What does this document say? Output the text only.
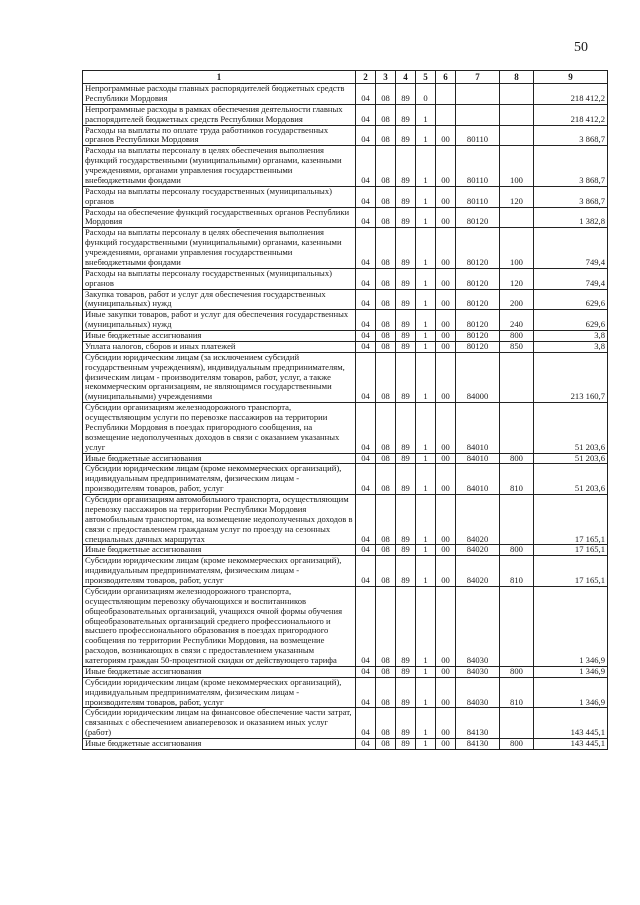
50
1	2	3	4	5	6	7	8	9
Непрограммные расходы главных распорядителей бюджетных средств Республики Мордовия	04	08	89	0				218 412,2
Непрограммные расходы в рамках обеспечения деятельности главных распорядителей бюджетных средств Республики Мордовия	04	08	89	1				218 412,2
Расходы на выплаты по оплате труда работников государственных органов Республики Мордовия	04	08	89	1	00	80110		3 868,7
Расходы на выплаты персоналу в целях обеспечения выполнения функций государственными (муниципальными) органами, казенными учреждениями, органами управления государственными внебюджетными фондами	04	08	89	1	00	80110	100	3 868,7
Расходы на выплаты персоналу государственных (муниципальных) органов	04	08	89	1	00	80110	120	3 868,7
Расходы на обеспечение функций государственных органов Республики Мордовия	04	08	89	1	00	80120		1 382,8
Расходы на выплаты персоналу в целях обеспечения выполнения функций государственными (муниципальными) органами, казенными учреждениями, органами управления государственными внебюджетными фондами	04	08	89	1	00	80120	100	749,4
Расходы на выплаты персоналу государственных (муниципальных) органов	04	08	89	1	00	80120	120	749,4
Закупка товаров, работ и услуг для обеспечения государственных (муниципальных) нужд	04	08	89	1	00	80120	200	629,6
Иные закупки товаров, работ и услуг для обеспечения государственных (муниципальных) нужд	04	08	89	1	00	80120	240	629,6
Иные бюджетные ассигнования	04	08	89	1	00	80120	800	3,8
Уплата налогов, сборов и иных платежей	04	08	89	1	00	80120	850	3,8
Субсидии юридическим лицам (за исключением субсидий государственным учреждениям), индивидуальным предпринимателям, физическим лицам - производителям товаров, работ, услуг, а также некоммерческим организациям, не являющимся государственными (муниципальными) учреждениями	04	08	89	1	00	84000		213 160,7
Субсидии организациям железнодорожного транспорта, осуществляющим услуги по перевозке пассажиров на территории Республики Мордовия в поездах пригородного сообщения, на возмещение недополученных доходов в связи с оказанием указанных услуг	04	08	89	1	00	84010		51 203,6
Иные бюджетные ассигнования	04	08	89	1	00	84010	800	51 203,6
Субсидии юридическим лицам (кроме некоммерческих организаций), индивидуальным предпринимателям, физическим лицам - производителям товаров, работ, услуг	04	08	89	1	00	84010	810	51 203,6
Субсидии организациям автомобильного транспорта, осуществляющим перевозку пассажиров на территории Республики Мордовия автомобильным транспортом, на возмещение недополученных доходов в связи с предоставлением гражданам услуг по проезду на сезонных специальных дачных маршрутах	04	08	89	1	00	84020		17 165,1
Иные бюджетные ассигнования	04	08	89	1	00	84020	800	17 165,1
Субсидии юридическим лицам (кроме некоммерческих организаций), индивидуальным предпринимателям, физическим лицам - производителям товаров, работ, услуг	04	08	89	1	00	84020	810	17 165,1
Субсидии организациям железнодорожного транспорта, осуществляющим перевозку обучающихся и воспитанников общеобразовательных организаций, учащихся очной формы обучения общеобразовательных организаций среднего профессионального и высшего профессионального образования в поездах пригородного сообщения по территории Республики Мордовия, на возмещение расходов, возникающих в связи с предоставлением указанным категориям граждан 50-процентной скидки от действующего тарифа	04	08	89	1	00	84030		1 346,9
Иные бюджетные ассигнования	04	08	89	1	00	84030	800	1 346,9
Субсидии юридическим лицам (кроме некоммерческих организаций), индивидуальным предпринимателям, физическим лицам - производителям товаров, работ, услуг	04	08	89	1	00	84030	810	1 346,9
Субсидии юридическим лицам на финансовое обеспечение части затрат, связанных с обеспечением авиаперевозок и оказанием иных услуг (работ)	04	08	89	1	00	84130		143 445,1
Иные бюджетные ассигнования	04	08	89	1	00	84130	800	143 445,1
